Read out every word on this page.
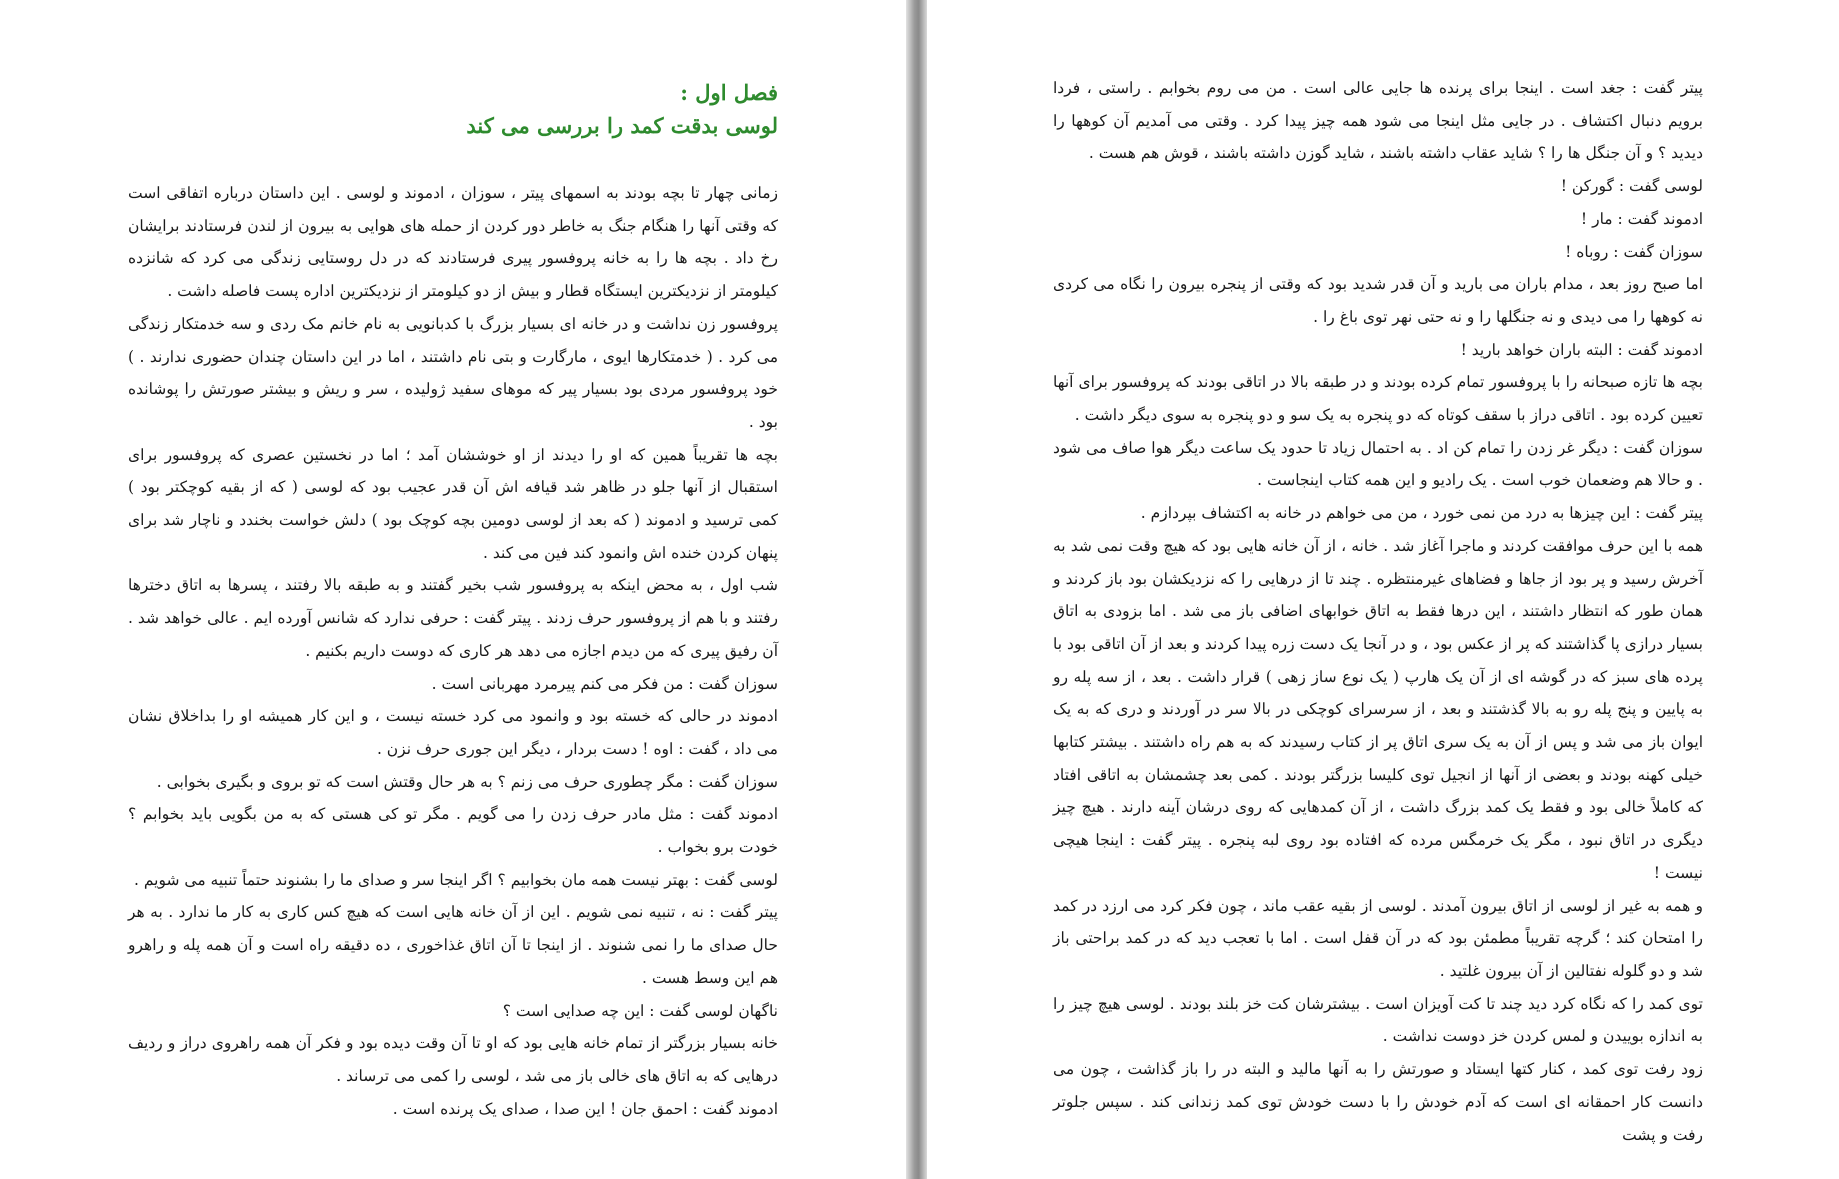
فصل اول :
لوسی بدقت کمد را بررسی می کند

زمانی چهار تا بچه بودند به اسمهای پیتر ، سوزان ، ادموند و لوسی . این داستان درباره اتفاقی است که وقتی آنها را هنگام جنگ به خاطر دور کردن از حمله های هوایی به بیرون از لندن فرستادند برایشان رخ داد . بچه ها را به خانه پروفسور پیری فرستادند که در دل روستایی زندگی می کرد که شانزده کیلومتر از نزدیکترین ایستگاه قطار و بیش از دو کیلومتر از نزدیکترین اداره پست فاصله داشت .

پروفسور زن نداشت و در خانه ای بسیار بزرگ با کدبانویی به نام خانم مک ردی و سه خدمتکار زندگی می کرد . ( خدمتکارها ایوی ، مارگارت و بتی نام داشتند ، اما در این داستان چندان حضوری ندارند . ) خود پروفسور مردی بود بسیار پیر که موهای سفید ژولیده ، سر و ریش و بیشتر صورتش را پوشانده بود .

بچه ها تقریباً همین که او را دیدند از او خوششان آمد ؛ اما در نخستین عصری که پروفسور برای استقبال از آنها جلو در ظاهر شد قیافه اش آن قدر عجیب بود که لوسی ( که از بقیه کوچکتر بود ) کمی ترسید و ادموند ( که بعد از لوسی دومین بچه کوچک بود ) دلش خواست بخندد و ناچار شد برای پنهان کردن خنده اش وانمود کند فین می کند .

شب اول ، به محض اینکه به پروفسور شب بخیر گفتند و به طبقه بالا رفتند ، پسرها به اتاق دخترها رفتند و با هم از پروفسور حرف زدند . پیتر گفت : حرفی ندارد که شانس آورده ایم . عالی خواهد شد . آن رفیق پیری که من دیدم اجازه می دهد هر کاری که دوست داریم بکنیم .

سوزان گفت : من فکر می کنم پیرمرد مهربانی است .

ادموند در حالی که خسته بود و وانمود می کرد خسته نیست ، و این کار همیشه او را بداخلاق نشان می داد ، گفت : اوه ! دست بردار ، دیگر این جوری حرف نزن .

سوزان گفت : مگر چطوری حرف می زنم ؟ به هر حال وقتش است که تو بروی و بگیری بخوابی .

ادموند گفت : مثل مادر حرف زدن را می گویم . مگر تو کی هستی که به من بگویی باید بخوابم ؟ خودت برو بخواب .

لوسی گفت : بهتر نیست همه مان بخوابیم ؟ اگر اینجا سر و صدای ما را بشنوند حتماً تنبیه می شویم .

پیتر گفت : نه ، تنبیه نمی شویم . این از آن خانه هایی است که هیچ کس کاری به کار ما ندارد . به هر حال صدای ما را نمی شنوند . از اینجا تا آن اتاق غذاخوری ، ده دقیقه راه است و آن همه پله و راهرو هم این وسط هست .

ناگهان لوسی گفت : این چه صدایی است ؟

خانه بسیار بزرگتر از تمام خانه هایی بود که او تا آن وقت دیده بود و فکر آن همه راهروی دراز و ردیف درهایی که به اتاق های خالی باز می شد ، لوسی را کمی می ترساند .

ادموند گفت : احمق جان ! این صدا ، صدای یک پرنده است .

پیتر گفت : جغد است . اینجا برای پرنده ها جایی عالی است . من می روم بخوابم . راستی ، فردا برویم دنبال اکتشاف . در جایی مثل اینجا می شود همه چیز پیدا کرد . وقتی می آمدیم آن کوهها را دیدید ؟ و آن جنگل ها را ؟ شاید عقاب داشته باشند ، شاید گوزن داشته باشند ، قوش هم هست .

لوسی گفت : گورکن !

ادموند گفت : مار !

سوزان گفت : روباه !

اما صبح روز بعد ، مدام باران می بارید و آن قدر شدید بود که وقتی از پنجره بیرون را نگاه می کردی نه کوهها را می دیدی و نه جنگلها را و نه حتی نهر توی باغ را .

ادموند گفت : البته باران خواهد بارید !

بچه ها تازه صبحانه را با پروفسور تمام کرده بودند و در طبقه بالا در اتاقی بودند که پروفسور برای آنها تعیین کرده بود . اتاقی دراز با سقف کوتاه که دو پنجره به یک سو و دو پنجره به سوی دیگر داشت .

سوزان گفت : دیگر غر زدن را تمام کن اد . به احتمال زیاد تا حدود یک ساعت دیگر هوا صاف می شود . و حالا هم وضعمان خوب است . یک رادیو و این همه کتاب اینجاست .

پیتر گفت : این چیزها به درد من نمی خورد ، من می خواهم در خانه به اکتشاف بپردازم .

همه با این حرف موافقت کردند و ماجرا آغاز شد . خانه ، از آن خانه هایی بود که هیچ وقت نمی شد به آخرش رسید و پر بود از جاها و فضاهای غیرمنتظره . چند تا از درهایی را که نزدیکشان بود باز کردند و همان طور که انتظار داشتند ، این درها فقط به اتاق خوابهای اضافی باز می شد . اما بزودی به اتاق بسیار درازی پا گذاشتند که پر از عکس بود ، و در آنجا یک دست زره پیدا کردند و بعد از آن اتاقی بود با پرده های سبز که در گوشه ای از آن یک هارپ ( یک نوع ساز زهی ) قرار داشت . بعد ، از سه پله رو به پایین و پنج پله رو به بالا گذشتند و بعد ، از سرسرای کوچکی در بالا سر در آوردند و دری که به یک ایوان باز می شد و پس از آن به یک سری اتاق پر از کتاب رسیدند که به هم راه داشتند . بیشتر کتابها خیلی کهنه بودند و بعضی از آنها از انجیل توی کلیسا بزرگتر بودند . کمی بعد چشمشان به اتاقی افتاد که کاملاً خالی بود و فقط یک کمد بزرگ داشت ، از آن کمدهایی که روی درشان آینه دارند . هیچ چیز دیگری در اتاق نبود ، مگر یک خرمگس مرده که افتاده بود روی لبه پنجره . پیتر گفت : اینجا هیچی نیست !

و همه به غیر از لوسی از اتاق بیرون آمدند . لوسی از بقیه عقب ماند ، چون فکر کرد می ارزد در کمد را امتحان کند ؛ گرچه تقریباً مطمئن بود که در آن قفل است . اما با تعجب دید که در کمد براحتی باز شد و دو گلوله نفتالین از آن بیرون غلتید .

توی کمد را که نگاه کرد دید چند تا کت آویزان است . بیشترشان کت خز بلند بودند . لوسی هیچ چیز را به اندازه بوییدن و لمس کردن خز دوست نداشت .

زود رفت توی کمد ، کنار کتها ایستاد و صورتش را به آنها مالید و البته در را باز گذاشت ، چون می دانست کار احمقانه ای است که آدم خودش را با دست خودش توی کمد زندانی کند . سپس جلوتر رفت و پشت
